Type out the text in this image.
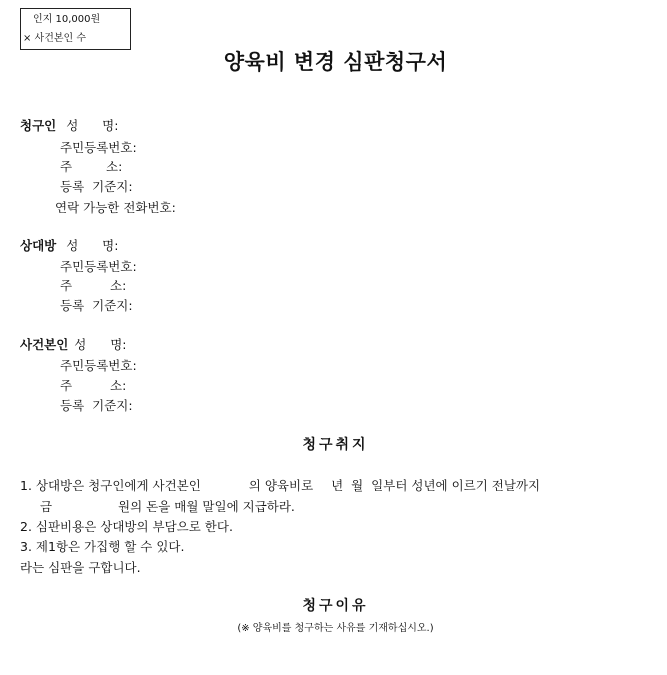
인지 10,000원
× 사건본인 수
양육비 변경 심판청구서
청구인 성      명:
주민등록번호:
주	소:
등록  기준지:
연락 가능한 전화번호:
상대방 성      명:
주민등록번호:
주	소:
등록  기준지:
사건본인 성      명:
주민등록번호:
주	소:
등록  기준지:
청구취지
1. 상대방은 청구인에게 사건본인	의 양육비로 년  월  일부터 성년에 이르기 전날까지
금	원의 돈을 매월 말일에 지급하라.
2. 심판비용은 상대방의 부담으로 한다.
3. 제1항은 가집행 할 수 있다.
라는 심판을 구합니다.
청구이유
(※ 양육비를 청구하는 사유를 기재하십시오.)
